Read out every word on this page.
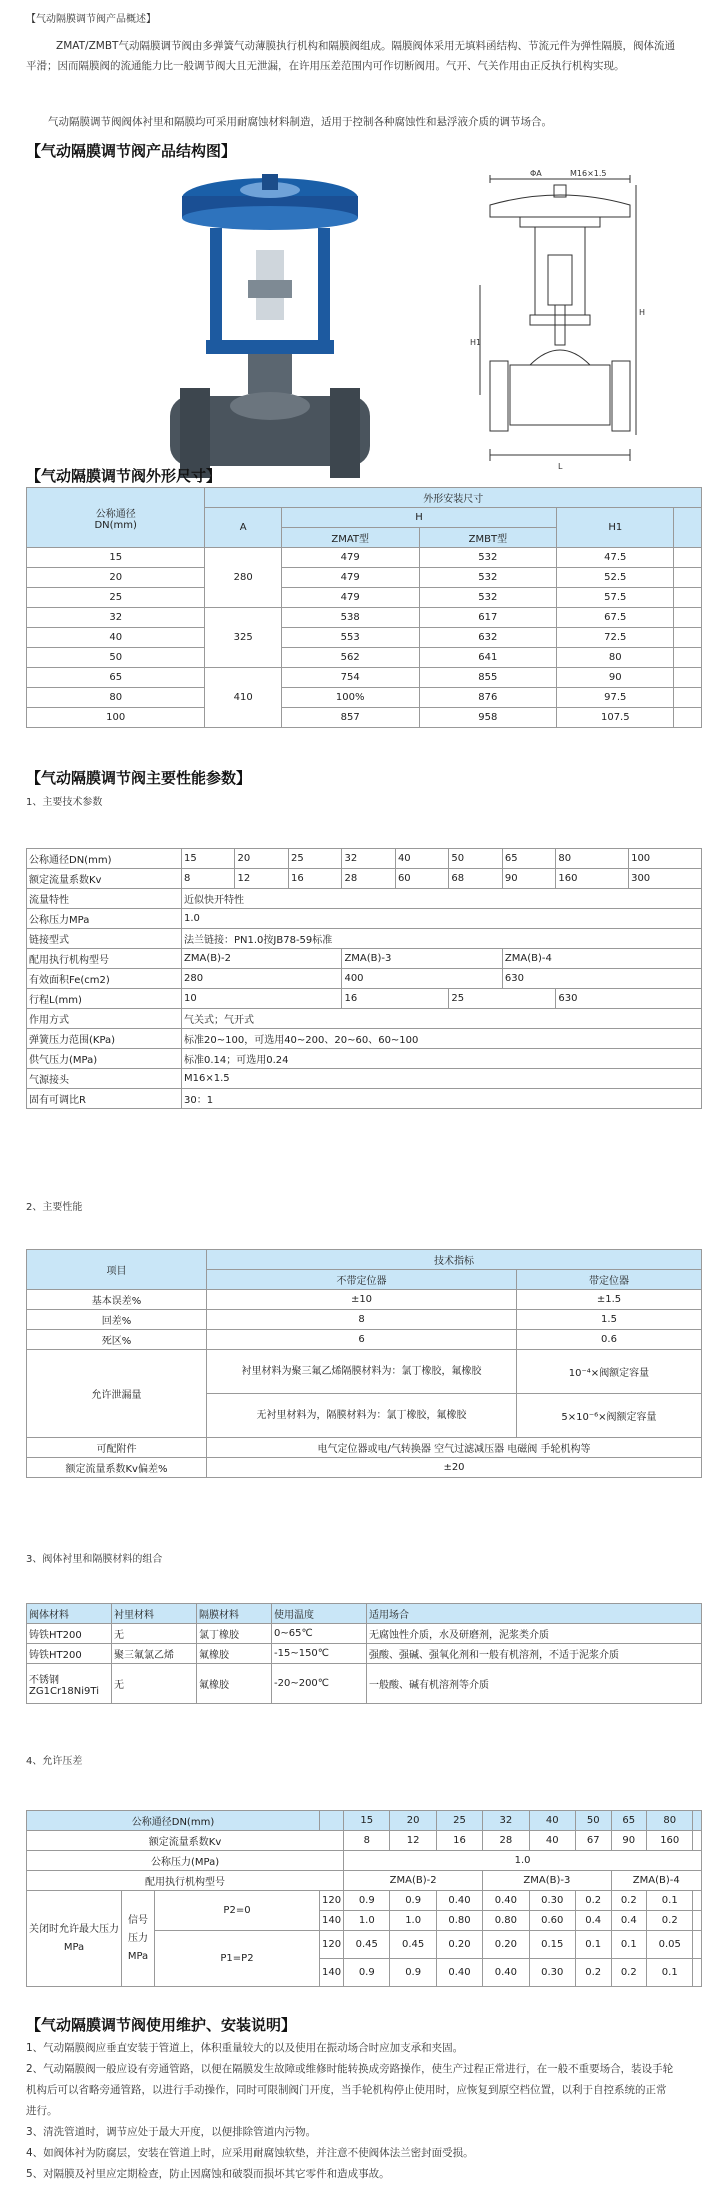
【气动隔膜调节阀产品概述】
ZMAT/ZMBT气动隔膜调节阀由多弹簧气动薄膜执行机构和隔膜阀组成。隔膜阀体采用无填料函结构、节流元件为弹性隔膜，阀体流通平滑；因而隔膜阀的流通能力比一般调节阀大且无泄漏，在许用压差范围内可作切断阀用。气开、气关作用由正反执行机构实现。
气动隔膜调节阀阀体衬里和隔膜均可采用耐腐蚀材料制造，适用于控制各种腐蚀性和悬浮液介质的调节场合。
【气动隔膜调节阀产品结构图】
ΦA	M16×1.5
H
H1
L
【气动隔膜调节阀外形尺寸】
公称通径
DN(mm)	外形安装尺寸				
	A	H		H1	
		ZMAT型	ZMBT型		
15	280	479	532	47.5	
20		479	532	52.5	
25		479	532	57.5	
32	325	538	617	67.5	
40		553	632	72.5	
50		562	641	80	
65	410	754	855	90	
80		100%	876	97.5	
100		857	958	107.5	
【气动隔膜调节阀主要性能参数】
1、主要技术参数
公称通径DN(mm)	15	20	25	32	40	50	65	80	100
额定流量系数Kv	8	12	16	28	60	68	90	160	300
流量特性	近似快开特性								
公称压力MPa	1.0								
链接型式	法兰链接：PN1.0按JB78-59标准								
配用执行机构型号	ZMA(B)-2			ZMA(B)-3			ZMA(B)-4		
有效面积Fe(cm2)	280			400			630		
行程L(mm)	10			16		25		630	
作用方式	气关式；气开式								
弹簧压力范围(KPa)	标准20~100，可选用40~200、20~60、60~100								
供气压力(MPa)	标准0.14；可选用0.24								
气源接头	M16×1.5								
固有可调比R	30：1								
2、主要性能
项目	技术指标	
	不带定位器	带定位器
基本误差%	±10	±1.5
回差%	8	1.5
死区%	6	0.6
允许泄漏量	衬里材料为聚三氟乙烯隔膜材料为：氯丁橡胶，氟橡胶	10⁻⁴×阀额定容量
	无衬里材料为，隔膜材料为：氯丁橡胶，氟橡胶	5×10⁻⁶×阀额定容量
可配附件	电气定位器或电/气转换器 空气过滤减压器 电磁阀 手轮机构等	
额定流量系数Kv偏差%	±20	
3、阀体衬里和隔膜材料的组合
阀体材料	衬里材料	隔膜材料	使用温度	适用场合
铸铁HT200	无	氯丁橡胶	0~65℃	无腐蚀性介质，水及研磨剂，泥浆类介质
铸铁HT200	聚三氟氯乙烯	氟橡胶	-15~150℃	强酸、强碱、强氧化剂和一般有机溶剂，不适于泥浆介质
不锈钢ZG1Cr18Ni9Ti	无	氟橡胶	-20~200℃	一般酸、碱有机溶剂等介质
4、允许压差
公称通径DN(mm)				15	20	25	32	40	50	65	80	
额定流量系数Kv				8	12	16	28	40	67	90	160	
公称压力(MPa)				1.0								
配用执行机构型号				ZMA(B)-2			ZMA(B)-3			ZMA(B)-4		
关闭时允许最大压力MPa	信号压力MPa	P2=0	120	0.9	0.9	0.40	0.40	0.30	0.2	0.2	0.1	
			140	1.0	1.0	0.80	0.80	0.60	0.4	0.4	0.2	
		P1=P2	120	0.45	0.45	0.20	0.20	0.15	0.1	0.1	0.05	
			140	0.9	0.9	0.40	0.40	0.30	0.2	0.2	0.1	
【气动隔膜调节阀使用维护、安装说明】
1、气动隔膜阀应垂直安装于管道上，体积重量较大的以及使用在振动场合时应加支承和夹固。
2、气动隔膜阀一般应设有旁通管路，以便在隔膜发生故障或维修时能转换成旁路操作，使生产过程正常进行，在一般不重要场合，装设手轮机构后可以省略旁通管路，以进行手动操作，同时可限制阀门开度，当手轮机构停止使用时，应恢复到原空档位置，以利于自控系统的正常进行。
3、清洗管道时，调节应处于最大开度，以便排除管道内污物。
4、如阀体衬为防腐层，安装在管道上时，应采用耐腐蚀软垫，并注意不使阀体法兰密封面受损。
5、对隔膜及衬里应定期检查，防止因腐蚀和破裂而损坏其它零件和造成事故。
